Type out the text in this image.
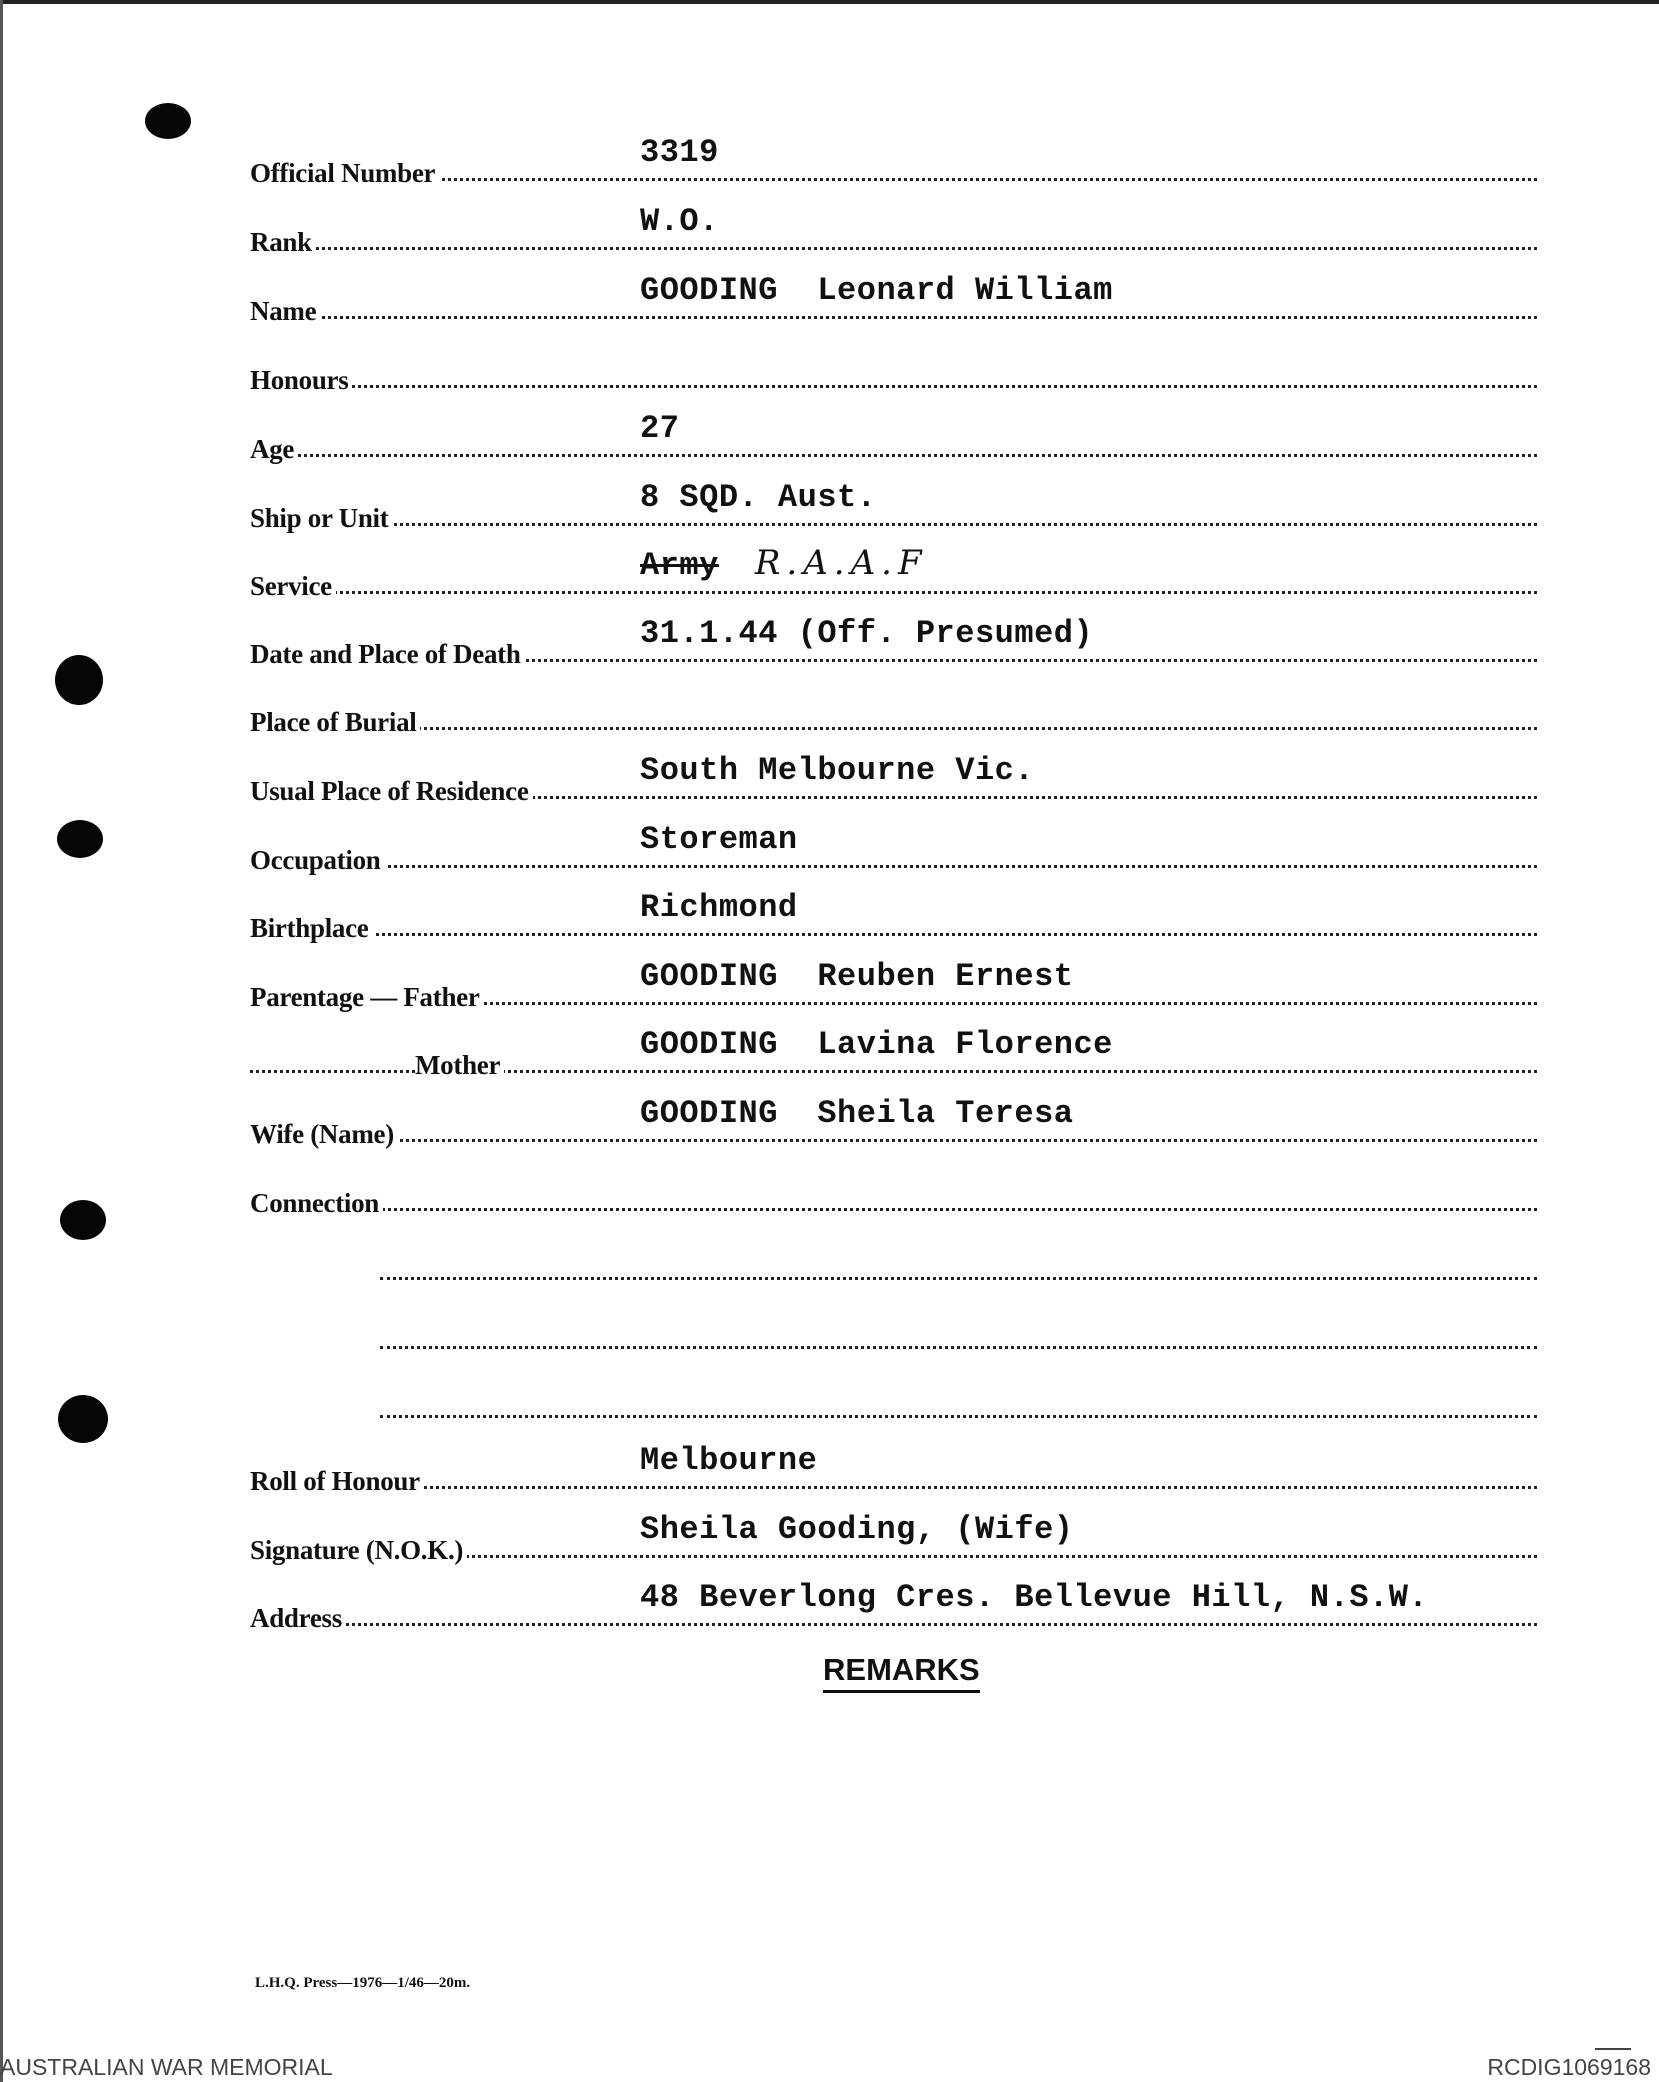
Official Number
3319
Rank
W.O.
Name
GOODING  Leonard William
Honours
Age
27
Ship or Unit
8 SQD. Aust.
Service
Army R.A.A.F
Date and Place of Death
31.1.44 (Off. Presumed)
Place of Burial
Usual Place of Residence
South Melbourne Vic.
Occupation
Storeman
Birthplace
Richmond
Parentage — Father
GOODING  Reuben Ernest
Mother
GOODING  Lavina Florence
Wife (Name)
GOODING  Sheila Teresa
Connection
Roll of Honour
Melbourne
Signature (N.O.K.)
Sheila Gooding, (Wife)
Address
48 Beverlong Cres. Bellevue Hill, N.S.W.
REMARKS
L.H.Q. Press—1976—1/46—20m.
AUSTRALIAN WAR MEMORIAL	RCDIG1069168
